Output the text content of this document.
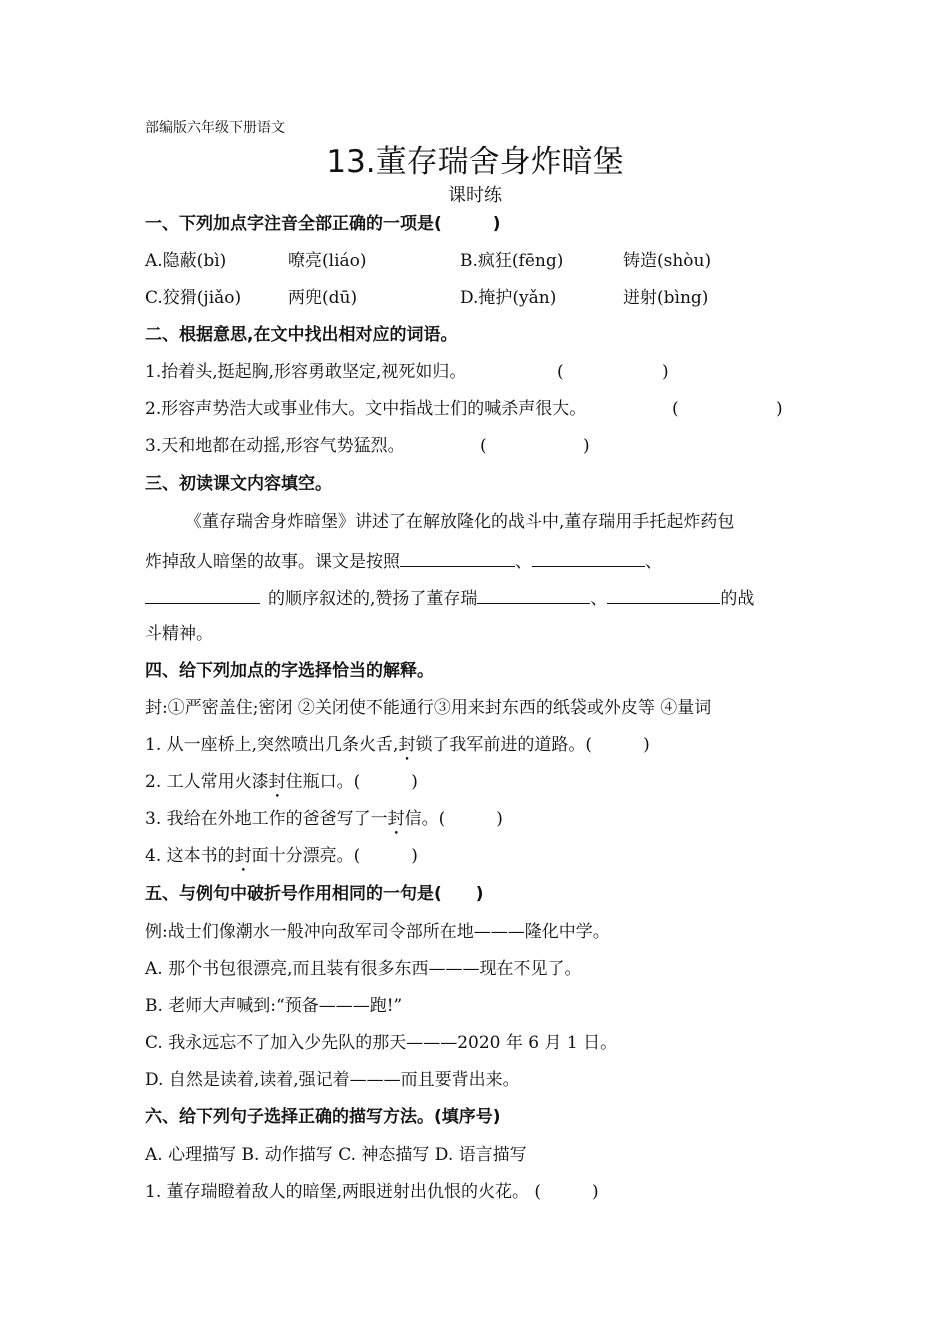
部编版六年级下册语文
13.董存瑞舍身炸暗堡
课时练
一、下列加点字注音全部正确的一项是(　　　)
A.隐蔽(bì)	嘹亮(liáo)	B.疯狂(fēng)	铸造(shòu)
C.狡猾(jiǎo)	两兜(dū)	D.掩护(yǎn)	迸射(bìng)
二、根据意思,在文中找出相对应的词语。
1.抬着头,挺起胸,形容勇敢坚定,视死如归。	(	)
2.形容声势浩大或事业伟大。文中指战士们的喊杀声很大。	(	)
3.天和地都在动摇,形容气势猛烈。	(	)
三、初读课文内容填空。
《董存瑞舍身炸暗堡》讲述了在解放隆化的战斗中,董存瑞用手托起炸药包
炸掉敌人暗堡的故事。课文是按照	、	、
的顺序叙述的,赞扬了董存瑞	、	的战
斗精神。
四、给下列加点的字选择恰当的解释。
封:①严密盖住;密闭 ②关闭使不能通行③用来封东西的纸袋或外皮等 ④量词
1. 从一座桥上,突然喷出几条火舌,封锁了我军前进的道路。(　　　)
2. 工人常用火漆封住瓶口。(　　　)
3. 我给在外地工作的爸爸写了一封信。(　　　)
4. 这本书的封面十分漂亮。(　　　)
五、与例句中破折号作用相同的一句是(　　)
例:战士们像潮水一般冲向敌军司令部所在地———隆化中学。
A. 那个书包很漂亮,而且装有很多东西———现在不见了。
B. 老师大声喊到:“预备———跑!”
C. 我永远忘不了加入少先队的那天———2020 年 6 月 1 日。
D. 自然是读着,读着,强记着———而且要背出来。
六、给下列句子选择正确的描写方法。(填序号)
A. 心理描写 B. 动作描写 C. 神态描写 D. 语言描写
1. 董存瑞瞪着敌人的暗堡,两眼迸射出仇恨的火花。 (　　　)
